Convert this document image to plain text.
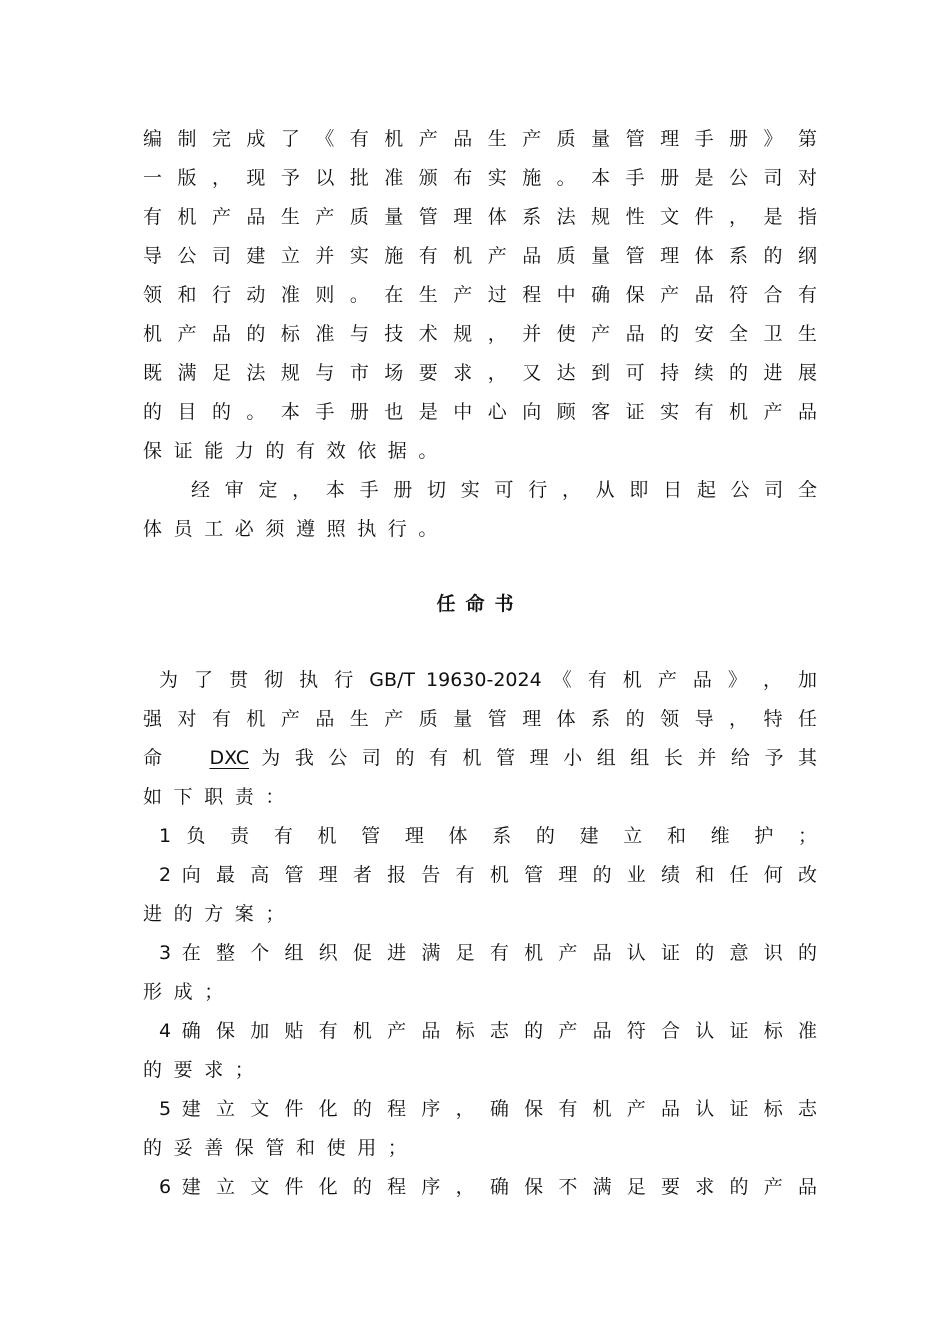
编 制 完 成 了 《 有 机 产 品 生 产 质 量 管 理 手 册 》 第
一 版 ， 现 予 以 批 准 颁 布 实 施 。 本 手 册 是 公 司 对
有 机 产 品 生 产 质 量 管 理 体 系 法 规 性 文 件 ， 是 指
导 公 司 建 立 并 实 施 有 机 产 品 质 量 管 理 体 系 的 纲
领 和 行 动 准 则 。 在 生 产 过 程 中 确 保 产 品 符 合 有
机 产 品 的 标 准 与 技 术 规 ， 并 使 产 品 的 安 全 卫 生
既 满 足 法 规 与 市 场 要 求 ， 又 达 到 可 持 续 的 进 展
的 目 的 。 本 手 册 也 是 中 心 向 顾 客 证 实 有 机 产 品
保证能力的有效依据。
经 审 定 ， 本 手 册 切 实 可 行 ， 从 即 日 起 公 司 全
体员工必须遵照执行。
任命书
为 了 贯 彻 执 行 GB/T 19630-2024 《 有 机 产 品 》 ， 加
强 对 有 机 产 品 生 产 质 量 管 理 体 系 的 领 导 ， 特 任
命 DXC 为 我 公 司 的 有 机 管 理 小 组 组 长 并 给 予 其
如下职责：
1 负 责 有 机 管 理 体 系 的 建 立 和 维 护 ；
2 向 最 高 管 理 者 报 告 有 机 管 理 的 业 绩 和 任 何 改
进的方案；
3 在 整 个 组 织 促 进 满 足 有 机 产 品 认 证 的 意 识 的
形成；
4 确 保 加 贴 有 机 产 品 标 志 的 产 品 符 合 认 证 标 准
的要求；
5 建 立 文 件 化 的 程 序 ， 确 保 有 机 产 品 认 证 标 志
的妥善保管和使用；
6 建 立 文 件 化 的 程 序 ， 确 保 不 满 足 要 求 的 产 品
